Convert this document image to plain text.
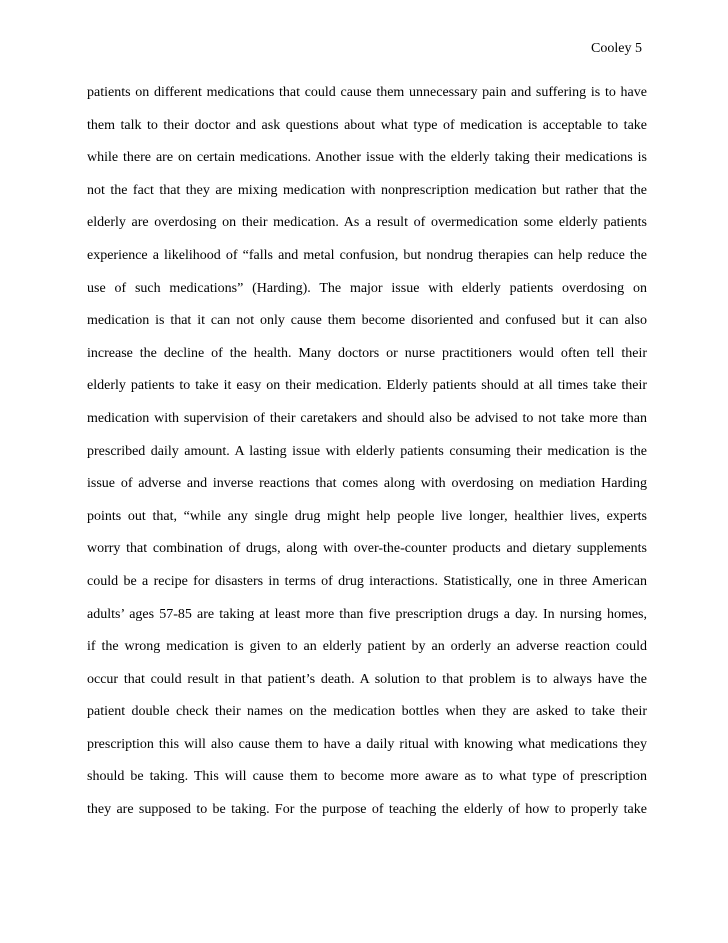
Cooley 5
patients on different medications that could cause them unnecessary pain and suffering is to have
them talk to their doctor and ask questions about what type of medication is acceptable to take
while there are on certain medications. Another issue with the elderly taking their medications is
not the fact that they are mixing medication with nonprescription medication but rather that the
elderly are overdosing on their medication. As a result of overmedication some elderly patients
experience a likelihood of “falls and metal confusion, but nondrug therapies can help reduce the
use of such medications” (Harding). The major issue with elderly patients overdosing on
medication is that it can not only cause them become disoriented and confused but it can also
increase the decline of the health. Many doctors or nurse practitioners would often tell their
elderly patients to take it easy on their medication. Elderly patients should at all times take their
medication with supervision of their caretakers and should also be advised to not take more than
prescribed daily amount. A lasting issue with elderly patients consuming their medication is the
issue of adverse and inverse reactions that comes along with overdosing on mediation Harding
points out that, “while any single drug might help people live longer, healthier lives, experts
worry that combination of drugs, along with over-the-counter products and dietary supplements
could be a recipe for disasters in terms of drug interactions. Statistically, one in three American
adults’ ages 57-85 are taking at least more than five prescription drugs a day. In nursing homes,
if the wrong medication is given to an elderly patient by an orderly an adverse reaction could
occur that could result in that patient’s death. A solution to that problem is to always have the
patient double check their names on the medication bottles when they are asked to take their
prescription this will also cause them to have a daily ritual with knowing what medications they
should be taking. This will cause them to become more aware as to what type of prescription
they are supposed to be taking. For the purpose of teaching the elderly of how to properly take
